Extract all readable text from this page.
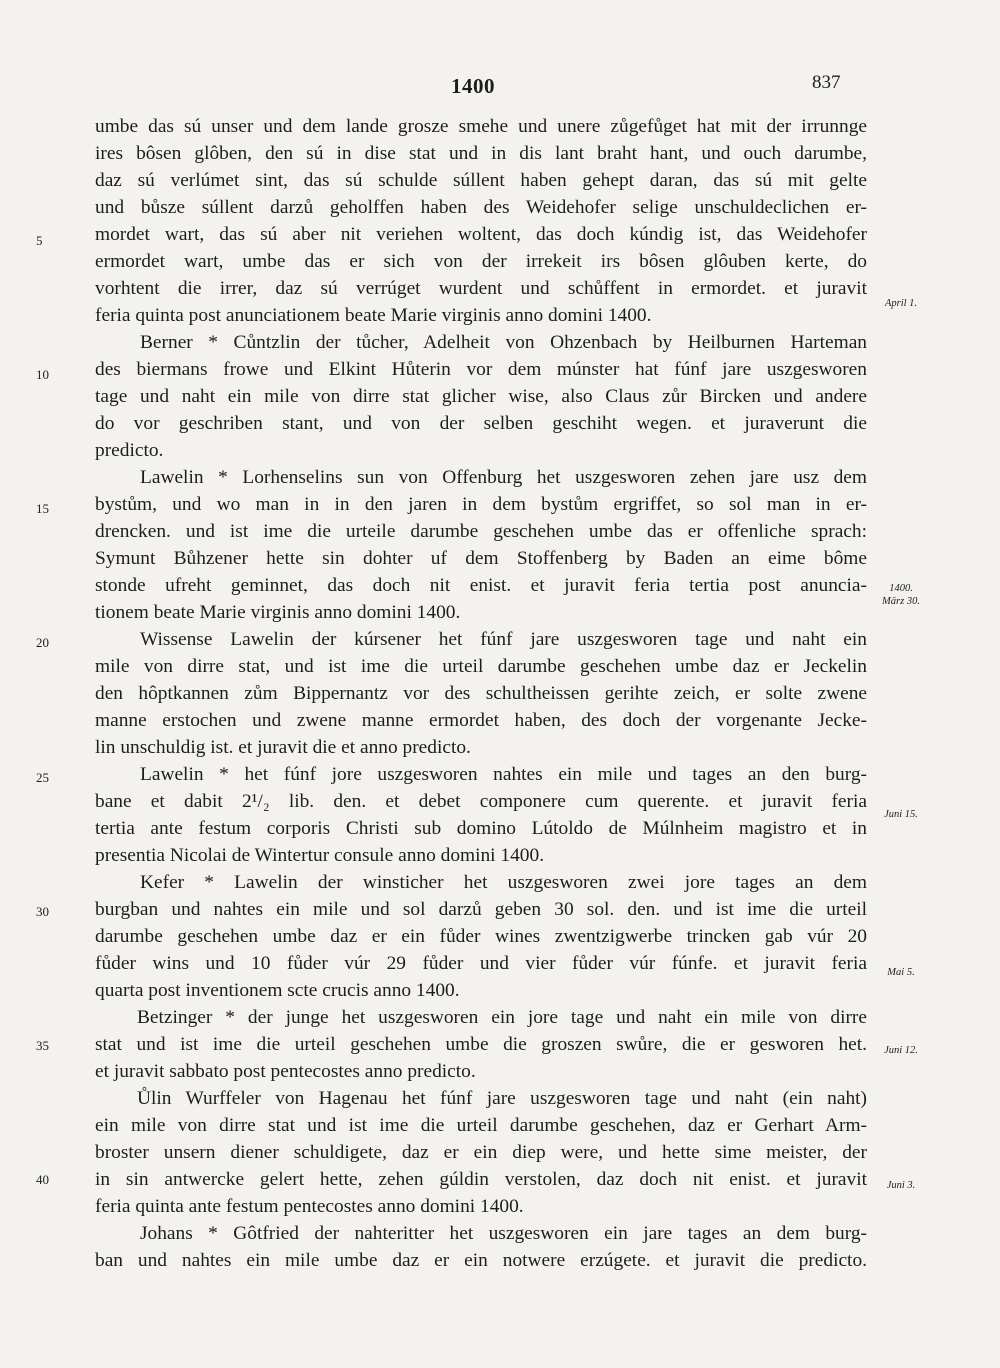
1400	837
5
10
15
20
25
30
35
40
April 1.
1400.
März 30.
Juni 15.
Mai 5.
Juni 12.
Juni 3.
umbe das sú unser und dem lande grosze smehe und unere zůgefůget hat mit der irrunnge
ires bôsen glôben, den sú in dise stat und in dis lant braht hant, und ouch darumbe,
daz sú verlúmet sint, das sú schulde súllent haben gehept daran, das sú mit gelte
und bůsze súllent darzů geholffen haben des Weidehofer selige unschuldeclichen er-
mordet wart, das sú aber nit veriehen woltent, das doch kúndig ist, das Weidehofer
ermordet wart, umbe das er sich von der irrekeit irs bôsen glôuben kerte, do
vorhtent die irrer, daz sú verrúget wurdent und schůffent in ermordet. et juravit
feria quinta post anunciationem beate Marie virginis anno domini 1400.
Berner * Cůntzlin der tůcher, Adelheit von Ohzenbach by Heilburnen Harteman
des biermans frowe und Elkint Hůterin vor dem múnster hat fúnf jare uszgesworen
tage und naht ein mile von dirre stat glicher wise, also Claus zůr Bircken und andere
do vor geschriben stant, und von der selben geschiht wegen. et juraverunt die
predicto.
Lawelin * Lorhenselins sun von Offenburg het uszgesworen zehen jare usz dem
bystům, und wo man in in den jaren in dem bystům ergriffet, so sol man in er-
drencken. und ist ime die urteile darumbe geschehen umbe das er offenliche sprach:
Symunt Bůhzener hette sin dohter uf dem Stoffenberg by Baden an eime bôme
stonde ufreht geminnet, das doch nit enist. et juravit feria tertia post anuncia-
tionem beate Marie virginis anno domini 1400.
Wissense Lawelin der kúrsener het fúnf jare uszgesworen tage und naht ein
mile von dirre stat, und ist ime die urteil darumbe geschehen umbe daz er Jeckelin
den hôptkannen zům Bippernantz vor des schultheissen gerihte zeich, er solte zwene
manne erstochen und zwene manne ermordet haben, des doch der vorgenante Jecke-
lin unschuldig ist. et juravit die et anno predicto.
Lawelin * het fúnf jore uszgesworen nahtes ein mile und tages an den burg-
bane et dabit 2¹/₂ lib. den. et debet componere cum querente. et juravit feria
tertia ante festum corporis Christi sub domino Lútoldo de Múlnheim magistro et in
presentia Nicolai de Wintertur consule anno domini 1400.
Kefer * Lawelin der winsticher het uszgesworen zwei jore tages an dem
burgban und nahtes ein mile und sol darzů geben 30 sol. den. und ist ime die urteil
darumbe geschehen umbe daz er ein fůder wines zwentzigwerbe trincken gab vúr 20
fůder wins und 10 fůder vúr 29 fůder und vier fůder vúr fúnfe. et juravit feria
quarta post inventionem scte crucis anno 1400.
Betzinger * der junge het uszgesworen ein jore tage und naht ein mile von dirre
stat und ist ime die urteil geschehen umbe die groszen swůre, die er gesworen het.
et juravit sabbato post pentecostes anno predicto.
Ůlin Wurffeler von Hagenau het fúnf jare uszgesworen tage und naht (ein naht)
ein mile von dirre stat und ist ime die urteil darumbe geschehen, daz er Gerhart Arm-
broster unsern diener schuldigete, daz er ein diep were, und hette sime meister, der
in sin antwercke gelert hette, zehen gúldin verstolen, daz doch nit enist. et juravit
feria quinta ante festum pentecostes anno domini 1400.
Johans * Gôtfried der nahteritter het uszgesworen ein jare tages an dem burg-
ban und nahtes ein mile umbe daz er ein notwere erzúgete. et juravit die predicto.
